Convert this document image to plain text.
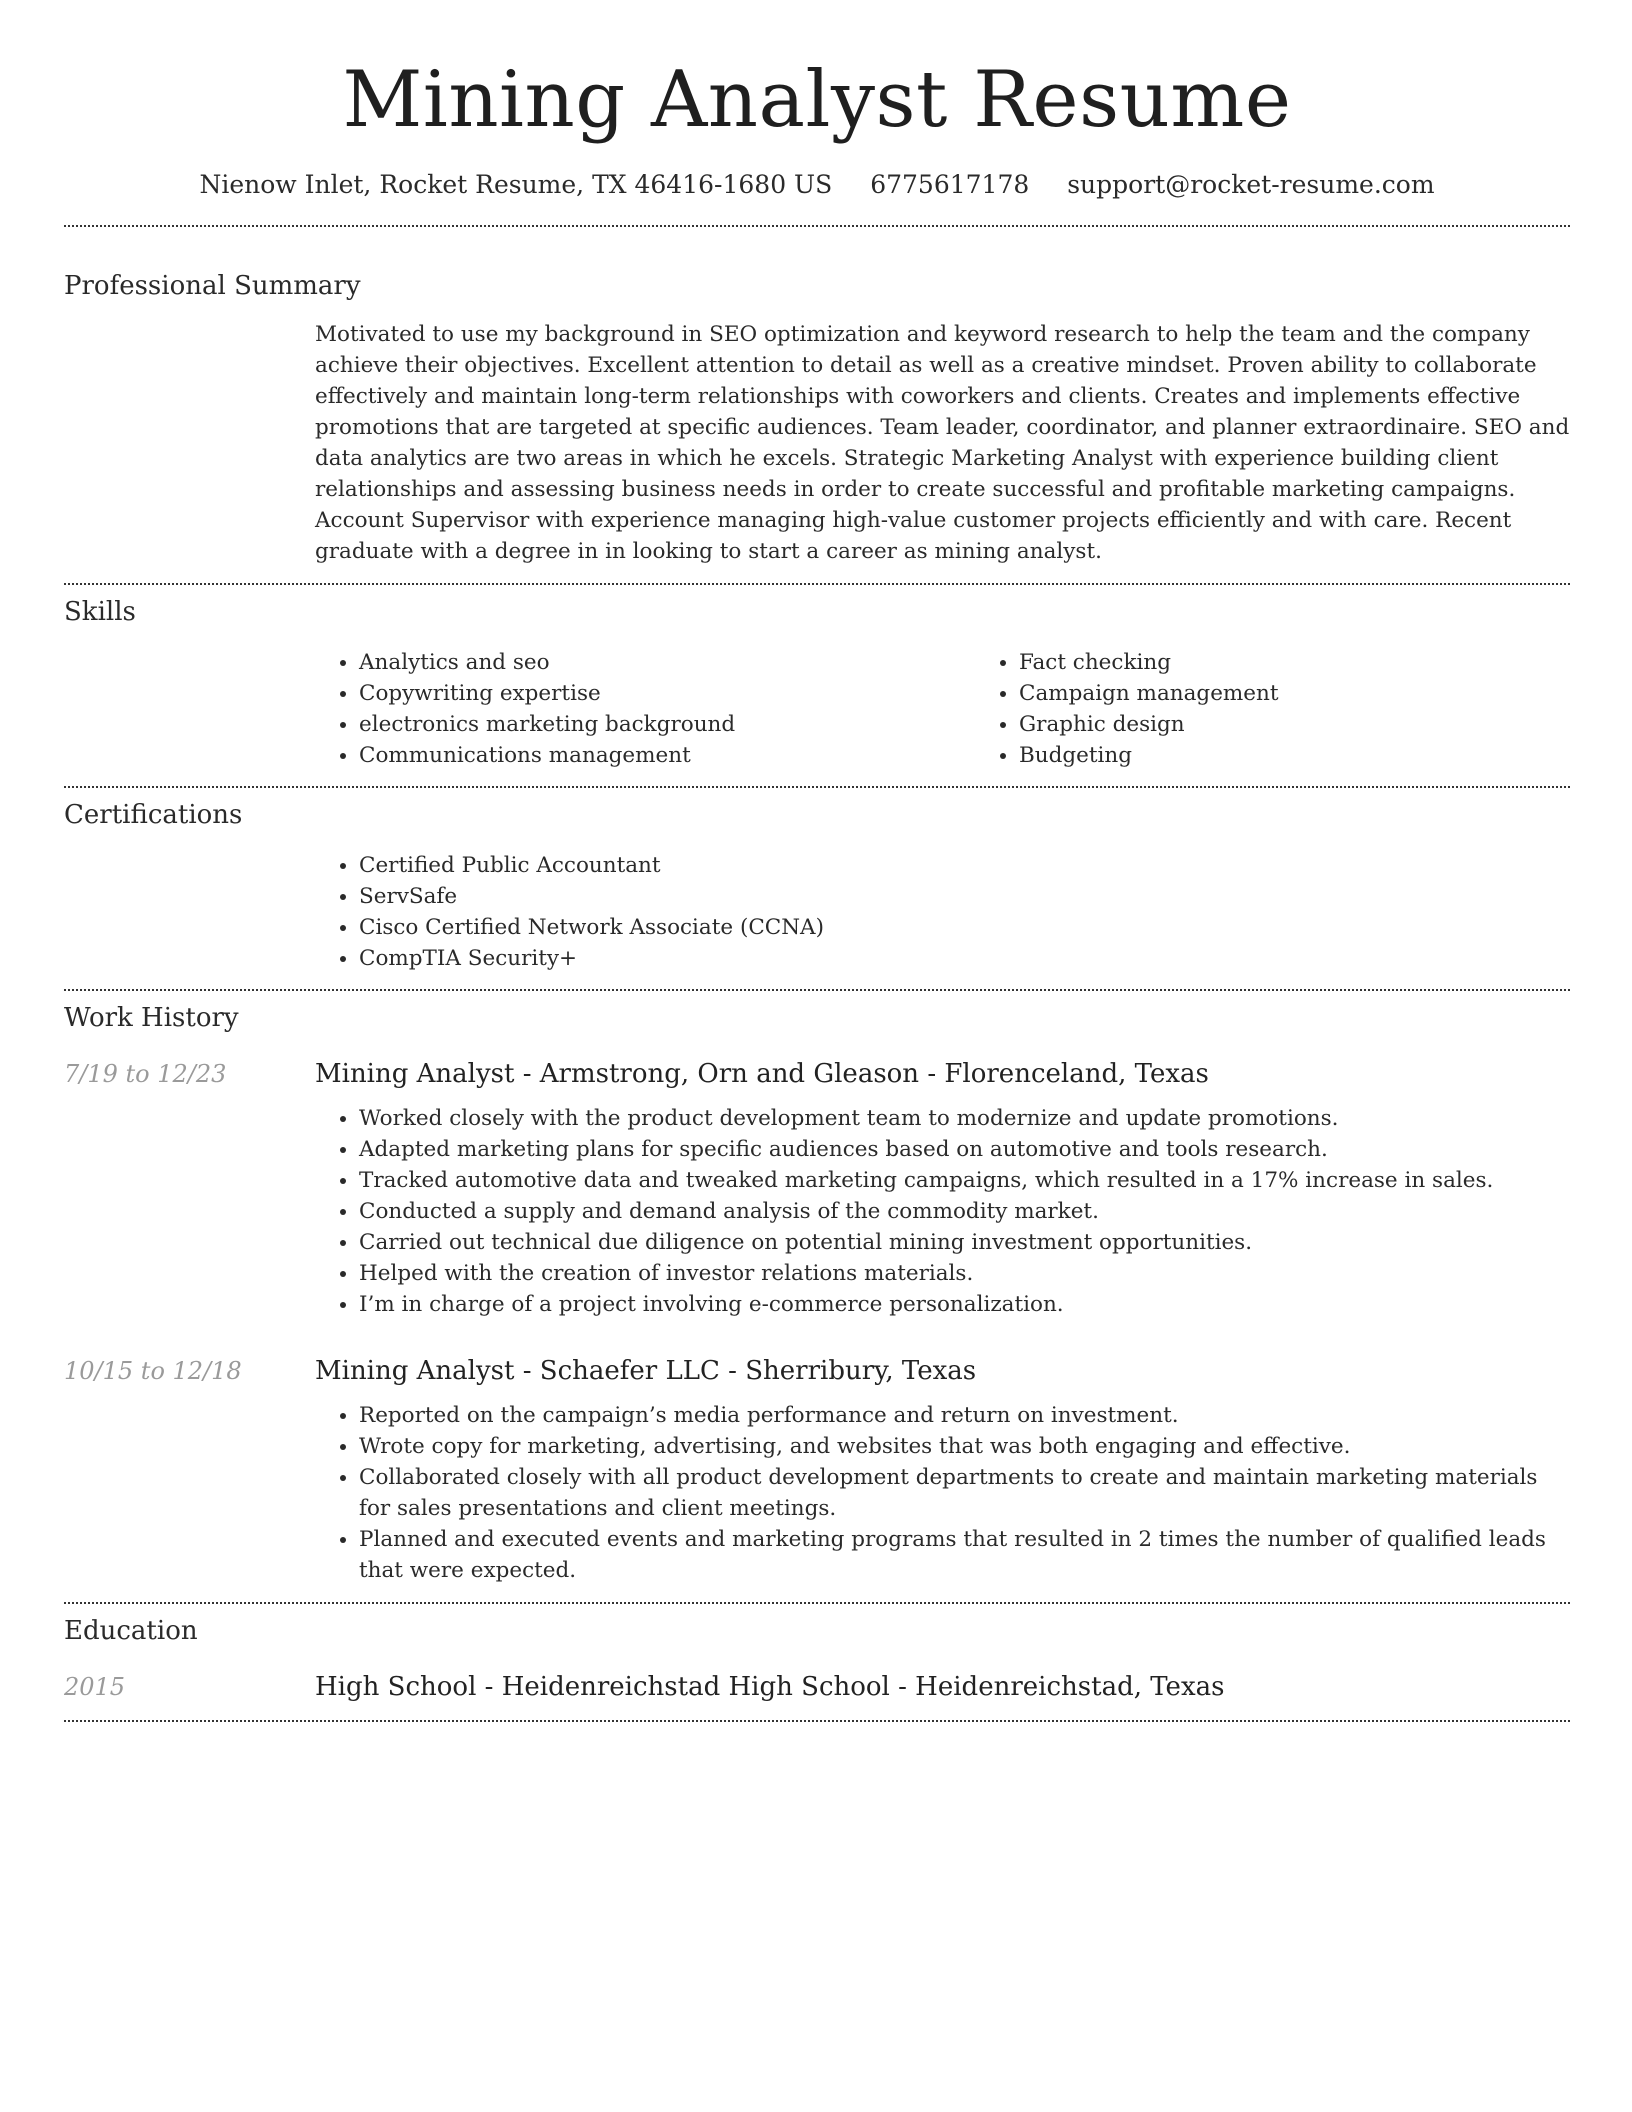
Mining Analyst Resume
Nienow Inlet, Rocket Resume, TX 46416-1680 US 6775617178 support@rocket-resume.com
Professional Summary

Motivated to use my background in SEO optimization and keyword research to help the team and the company achieve their objectives. Excellent attention to detail as well as a creative mindset. Proven ability to collaborate effectively and maintain long-term relationships with coworkers and clients. Creates and implements effective promotions that are targeted at specific audiences. Team leader, coordinator, and planner extraordinaire. SEO and data analytics are two areas in which he excels. Strategic Marketing Analyst with experience building client relationships and assessing business needs in order to create successful and profitable marketing campaigns. Account Supervisor with experience managing high-value customer projects efficiently and with care. Recent graduate with a degree in in looking to start a career as mining analyst.

Skills
• Analytics and seo
• Copywriting expertise
• electronics marketing background
• Communications management
• Fact checking
• Campaign management
• Graphic design
• Budgeting
Certifications
• Certified Public Accountant
• ServSafe
• Cisco Certified Network Associate (CCNA)
• CompTIA Security+
Work History
7/19 to 12/23	Mining Analyst - Armstrong, Orn and Gleason - Florenceland, Texas
• Worked closely with the product development team to modernize and update promotions.
• Adapted marketing plans for specific audiences based on automotive and tools research.
• Tracked automotive data and tweaked marketing campaigns, which resulted in a 17% increase in sales.
• Conducted a supply and demand analysis of the commodity market.
• Carried out technical due diligence on potential mining investment opportunities.
• Helped with the creation of investor relations materials.
• I’m in charge of a project involving e-commerce personalization.
10/15 to 12/18	Mining Analyst - Schaefer LLC - Sherribury, Texas
• Reported on the campaign’s media performance and return on investment.
• Wrote copy for marketing, advertising, and websites that was both engaging and effective.
• Collaborated closely with all product development departments to create and maintain marketing materials for sales presentations and client meetings.
• Planned and executed events and marketing programs that resulted in 2 times the number of qualified leads that were expected.
Education
2015	High School - Heidenreichstad High School - Heidenreichstad, Texas
